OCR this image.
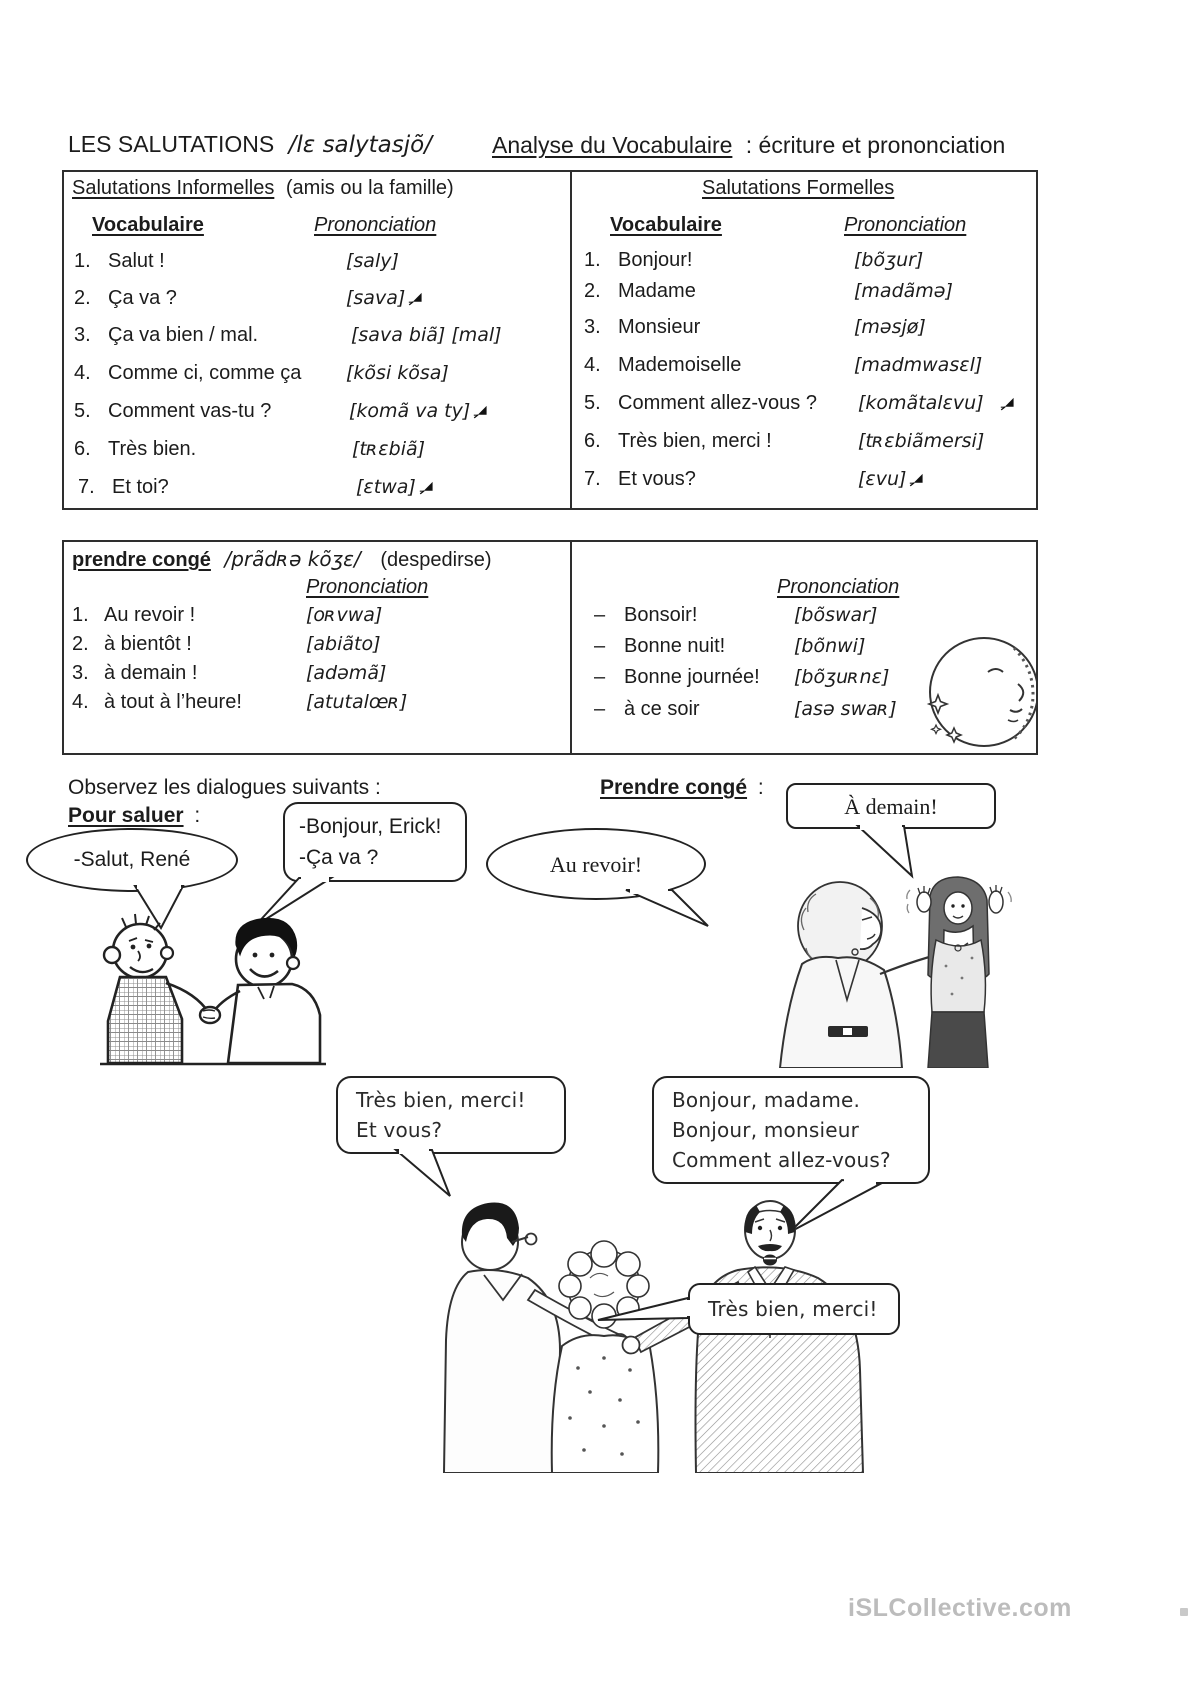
LES SALUTATIONS /lɛ salytasjõ/	Analyse du Vocabulaire : écriture et prononciation
Salutations Informelles (amis ou la famille)
Vocabulaire	Prononciation
1. Salut !	[saly]
2. Ça va ?	[sava]
3. Ça va bien / mal.	[sava biã] [mal]
4. Comme ci, comme ça [kõsi kõsa]
5. Comment vas-tu ?	[komã va ty]
6. Très bien.	[tʀɛbiã]
7. Et toi?	[ɛtwa]
Salutations Formelles
Vocabulaire	Prononciation
1. Bonjour!	[bõʒur]
2. Madame	[madãmə]
3. Monsieur	[məsjø]
4. Mademoiselle	[madmwasɛl]
5. Comment allez-vous ? [komãtalɛvu]
6. Très bien, merci !	[tʀɛbiãmersi]
7. Et vous?	[ɛvu]
prendre congé /prãdʀə kõʒɛ/ (despedirse)
Prononciation
1. Au revoir !	[oʀvwa]
2. à bientôt !	[abiãto]
3. à demain !	[adəmã]
4. à tout à l’heure!	[atutalœʀ]
Prononciation
– Bonsoir!	[bõswar]
– Bonne nuit!	[bõnwi]
– Bonne journée! [bõʒuʀnɛ]
– à ce soir	[asə swaʀ]
Observez les dialogues suivants :
Pour saluer :
Prendre congé :
-Salut, René
-Bonjour, Erick!
-Ça va ?
À demain!
Au revoir!
Très bien, merci!
Et vous?
Bonjour, madame.
Bonjour, monsieur
Comment allez-vous?
Très bien, merci!
iSLCollective.com
